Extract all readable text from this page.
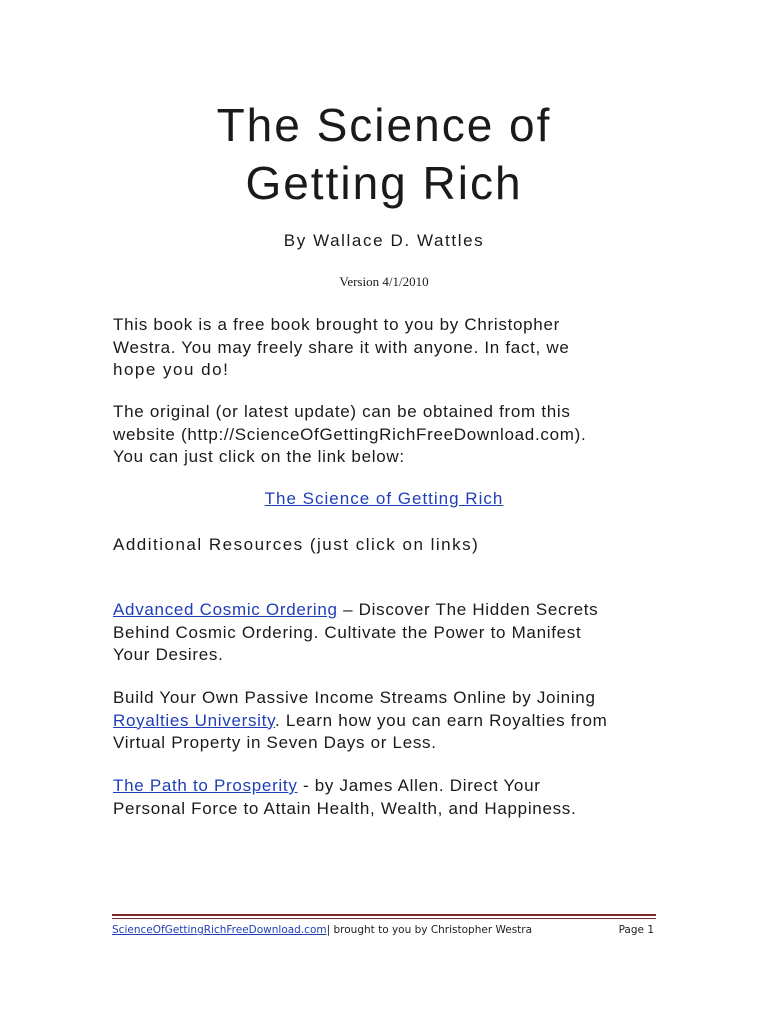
The Science of
Getting Rich
By Wallace D. Wattles
Version 4/1/2010

This book is a free book brought to you by Christopher
Westra. You may freely share it with anyone. In fact, we
hope you do!

The original (or latest update) can be obtained from this
website (http://ScienceOfGettingRichFreeDownload.com).
You can just click on the link below:

The Science of Getting Rich

Additional Resources (just click on links)

Advanced Cosmic Ordering – Discover The Hidden Secrets
Behind Cosmic Ordering. Cultivate the Power to Manifest
Your Desires.

Build Your Own Passive Income Streams Online by Joining
Royalties University. Learn how you can earn Royalties from
Virtual Property in Seven Days or Less.

The Path to Prosperity - by James Allen. Direct Your
Personal Force to Attain Health, Wealth, and Happiness.

ScienceOfGettingRichFreeDownload.com| brought to you by Christopher Westra	Page 1
